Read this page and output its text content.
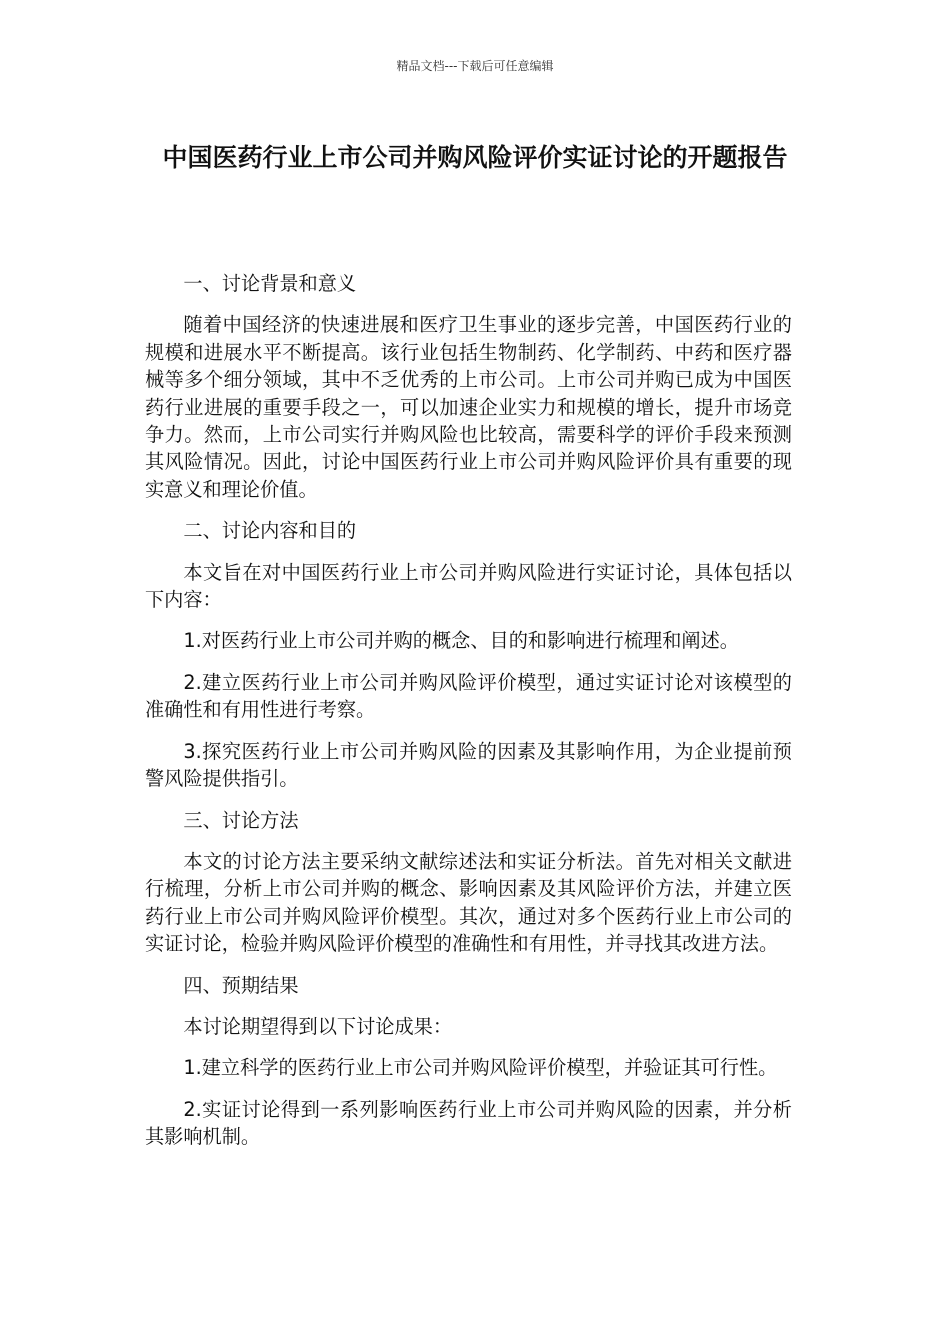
精品文档---下载后可任意编辑
中国医药行业上市公司并购风险评价实证讨论的开题报告
一、讨论背景和意义

随着中国经济的快速进展和医疗卫生事业的逐步完善，中国医药行业的规模和进展水平不断提高。该行业包括生物制药、化学制药、中药和医疗器械等多个细分领域，其中不乏优秀的上市公司。上市公司并购已成为中国医药行业进展的重要手段之一，可以加速企业实力和规模的增长，提升市场竞争力。然而，上市公司实行并购风险也比较高，需要科学的评价手段来预测其风险情况。因此，讨论中国医药行业上市公司并购风险评价具有重要的现实意义和理论价值。

二、讨论内容和目的

本文旨在对中国医药行业上市公司并购风险进行实证讨论，具体包括以下内容：

1.对医药行业上市公司并购的概念、目的和影响进行梳理和阐述。

2.建立医药行业上市公司并购风险评价模型，通过实证讨论对该模型的准确性和有用性进行考察。

3.探究医药行业上市公司并购风险的因素及其影响作用，为企业提前预警风险提供指引。

三、讨论方法

本文的讨论方法主要采纳文献综述法和实证分析法。首先对相关文献进行梳理，分析上市公司并购的概念、影响因素及其风险评价方法，并建立医药行业上市公司并购风险评价模型。其次，通过对多个医药行业上市公司的实证讨论，检验并购风险评价模型的准确性和有用性，并寻找其改进方法。

四、预期结果

本讨论期望得到以下讨论成果：

1.建立科学的医药行业上市公司并购风险评价模型，并验证其可行性。

2.实证讨论得到一系列影响医药行业上市公司并购风险的因素，并分析其影响机制。
